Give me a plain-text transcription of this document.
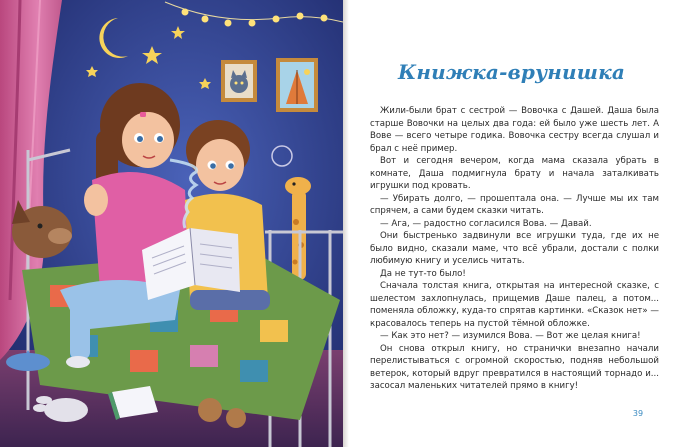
Книжка-врунишка

Жили-были брат с сестрой — Вовочка с Дашей. Даша была старше Вовочки на целых два года: ей было уже шесть лет. А Вове — всего четыре годика. Вовочка сестру всегда слушал и брал с неё пример.

Вот и сегодня вечером, когда мама сказала убрать в комнате, Даша подмигнула брату и начала заталкивать игрушки под кровать.

— Убирать долго, — прошептала она. — Лучше мы их там спрячем, а сами будем сказки читать.

— Ага, — радостно согласился Вова. — Давай.

Они быстренько задвинули все игрушки туда, где их не было видно, сказали маме, что всё убрали, достали с полки любимую книгу и уселись читать.

Да не тут-то было!

Сначала толстая книга, открытая на интересной сказке, с шелестом захлопнулась, прищемив Даше палец, а потом... поменяла обложку, куда-то спрятав картинки. «Сказок нет» — красовалось теперь на пустой тёмной обложке.

— Как это нет? — изумился Вова. — Вот же целая книга!

Он снова открыл книгу, но странички внезапно начали перелистываться с огромной скоростью, подняв небольшой ветерок, который вдруг превратился в настоящий торнадо и... засосал маленьких читателей прямо в книгу!

39
